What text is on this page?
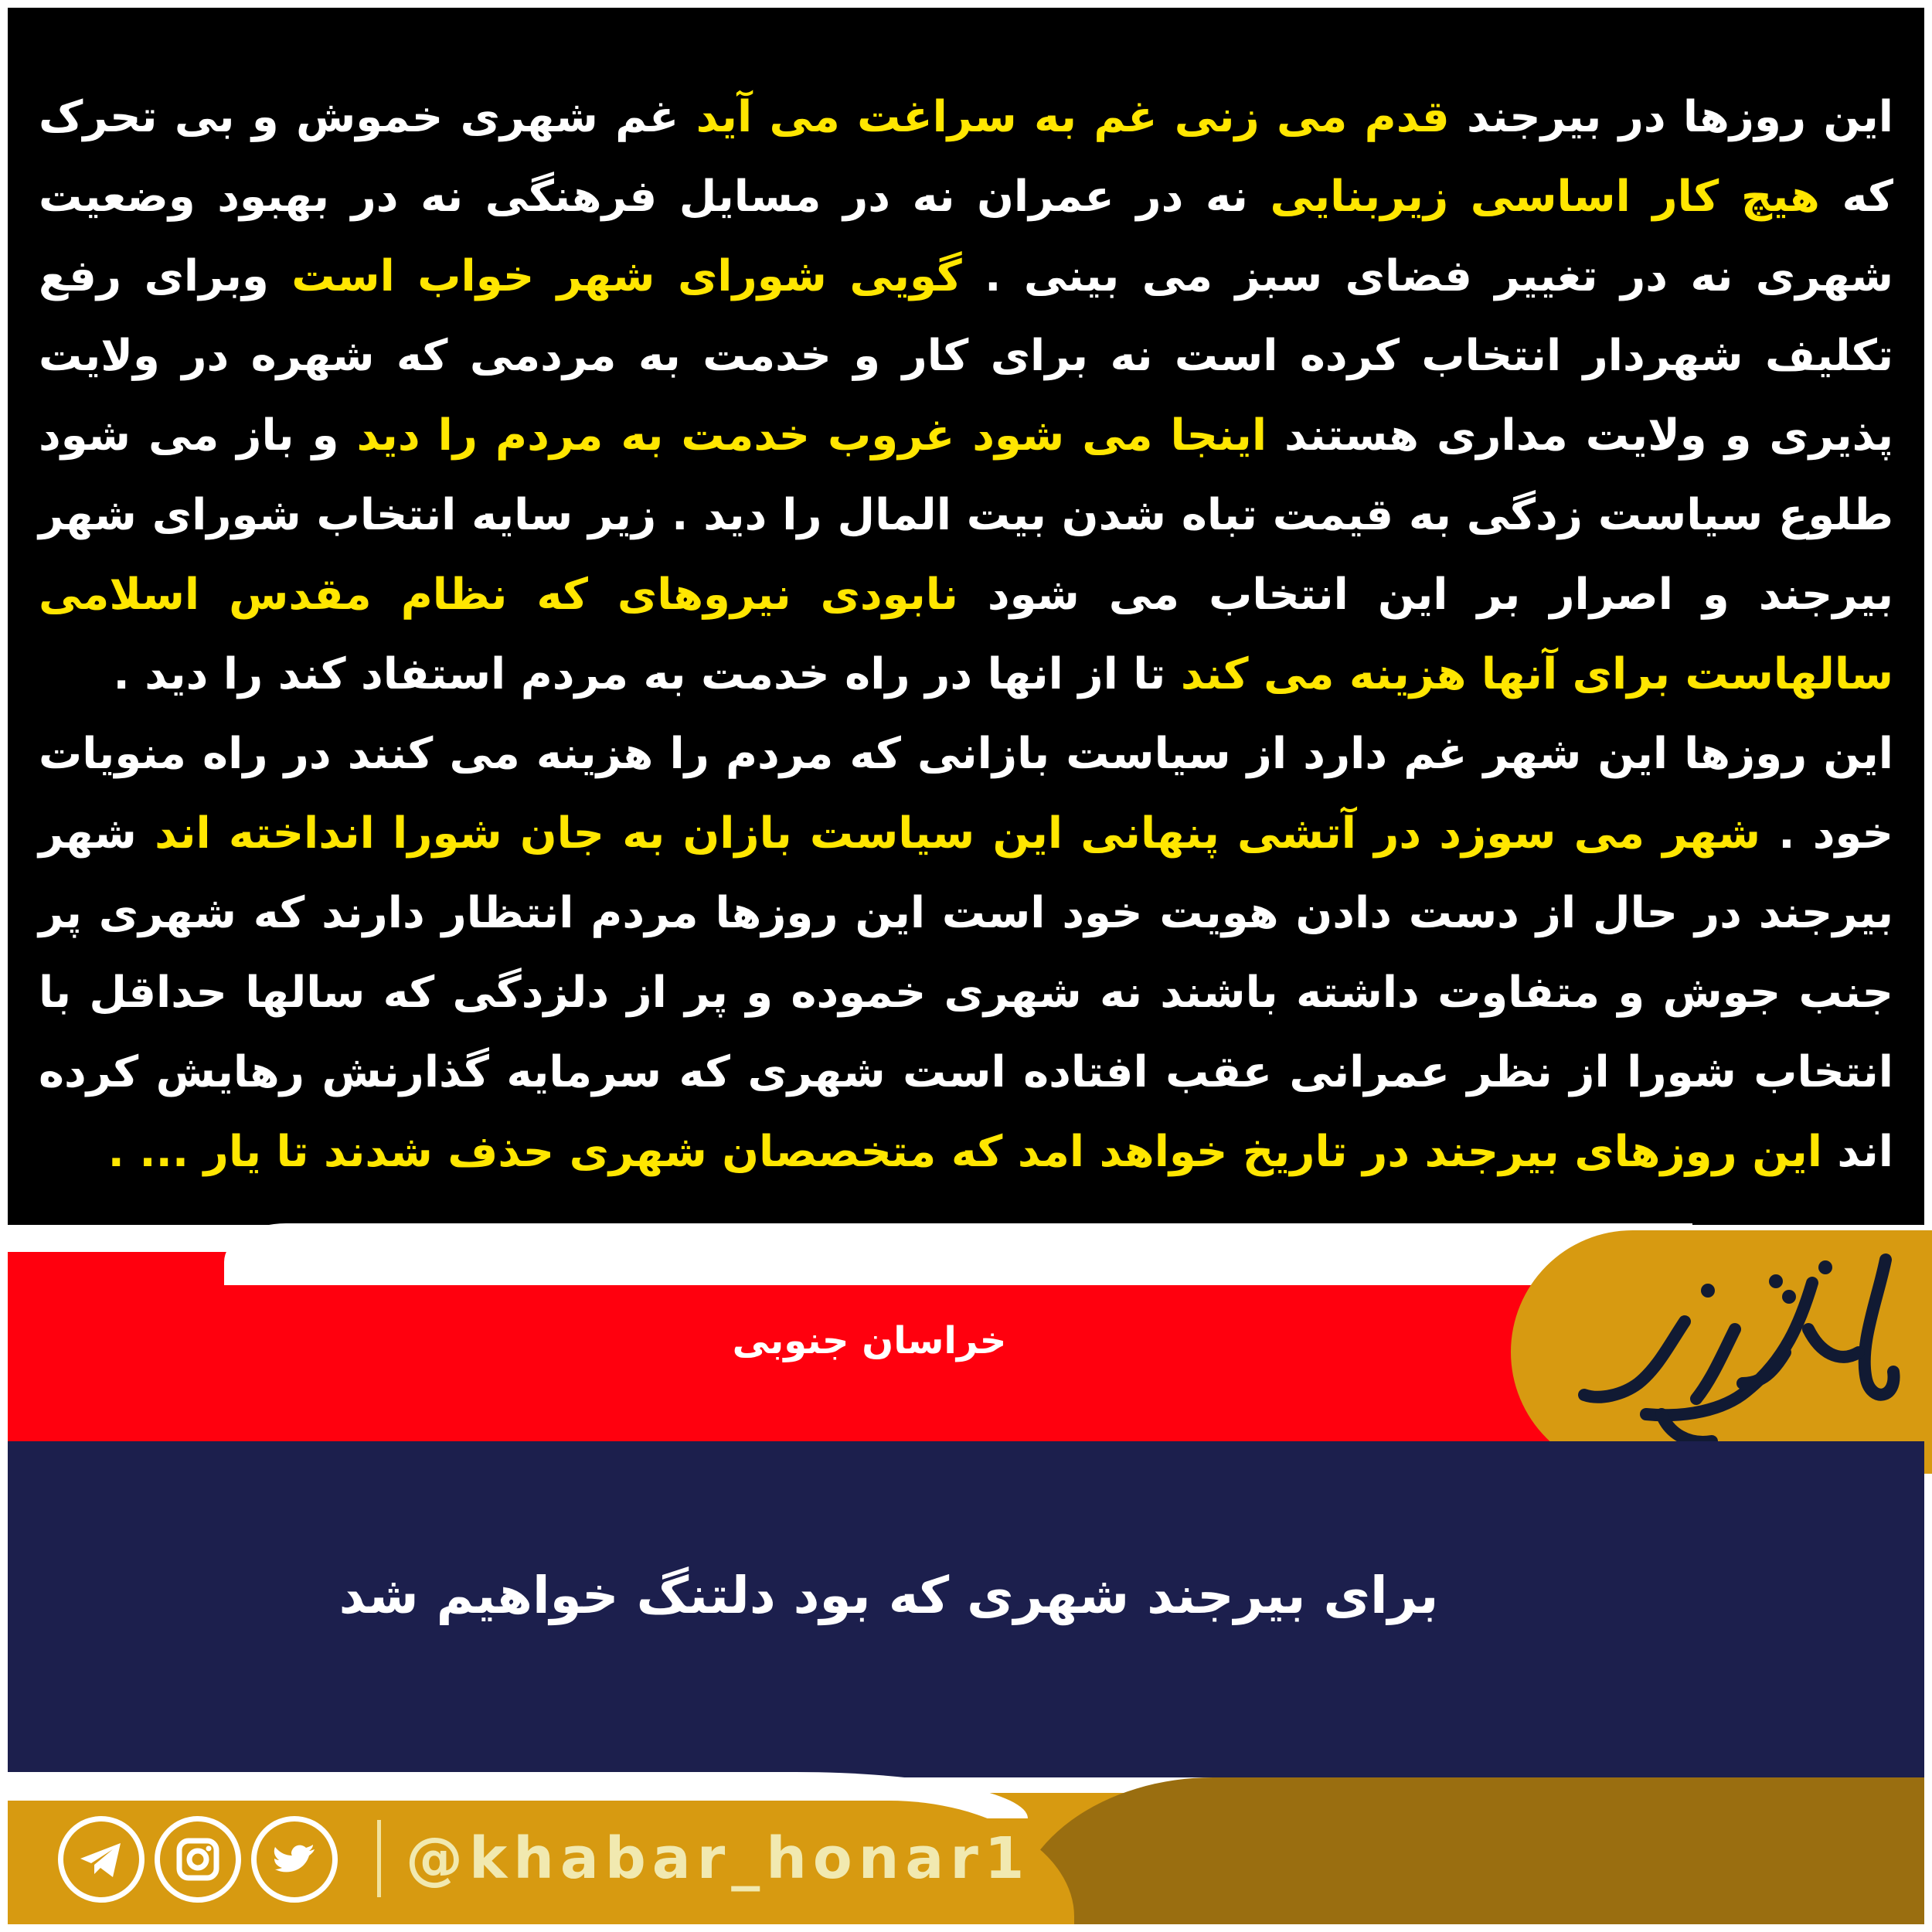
این روزها در بیرجند قدم می زنی غم به سراغت می آید غم شهری خموش و بی تحرک که هیچ کار اساسی زیربنایی نه در عمران نه در مسایل فرهنگی نه در بهبود وضعیت شهری نه در تغییر فضای سبز می بینی . گویی شورای شهر خواب است وبرای رفع تکلیف شهردار انتخاب کرده است نه برای کار و خدمت به مردمی که شهره در ولایت پذیری و ولایت مداری هستند اینجا می شود غروب خدمت به مردم را دید و باز می شود طلوع سیاست زدگی به قیمت تباه شدن بیت المال را دید . زیر سایه انتخاب شورای شهر بیرجند و اصرار بر این انتخاب می شود نابودی نیروهای که نظام مقدس اسلامی سالهاست برای آنها هزینه می کند تا از انها در راه خدمت به مردم استفاد کند را دید .
این روزها این شهر غم دارد از سیاست بازانی که مردم را هزینه می کنند در راه منویات خود . شهر می سوزد در آتشی پنهانی این سیاست بازان به جان شورا انداخته اند شهر بیرجند در حال از دست دادن هویت خود است این روزها مردم انتظار دارند که شهری پر جنب جوش و متفاوت داشته باشند نه شهری خموده و پر از دلزدگی که سالها حداقل با انتخاب شورا از نظر عمرانی عقب افتاده است شهری که سرمایه گذارنش رهایش کرده اند این روزهای بیرجند در تاریخ خواهد امد که متخصصان شهری حذف شدند تا یار ... .
خراسان جنوبی
برای بیرجند شهری که بود دلتنگ خواهیم شد
@khabar_honar1
